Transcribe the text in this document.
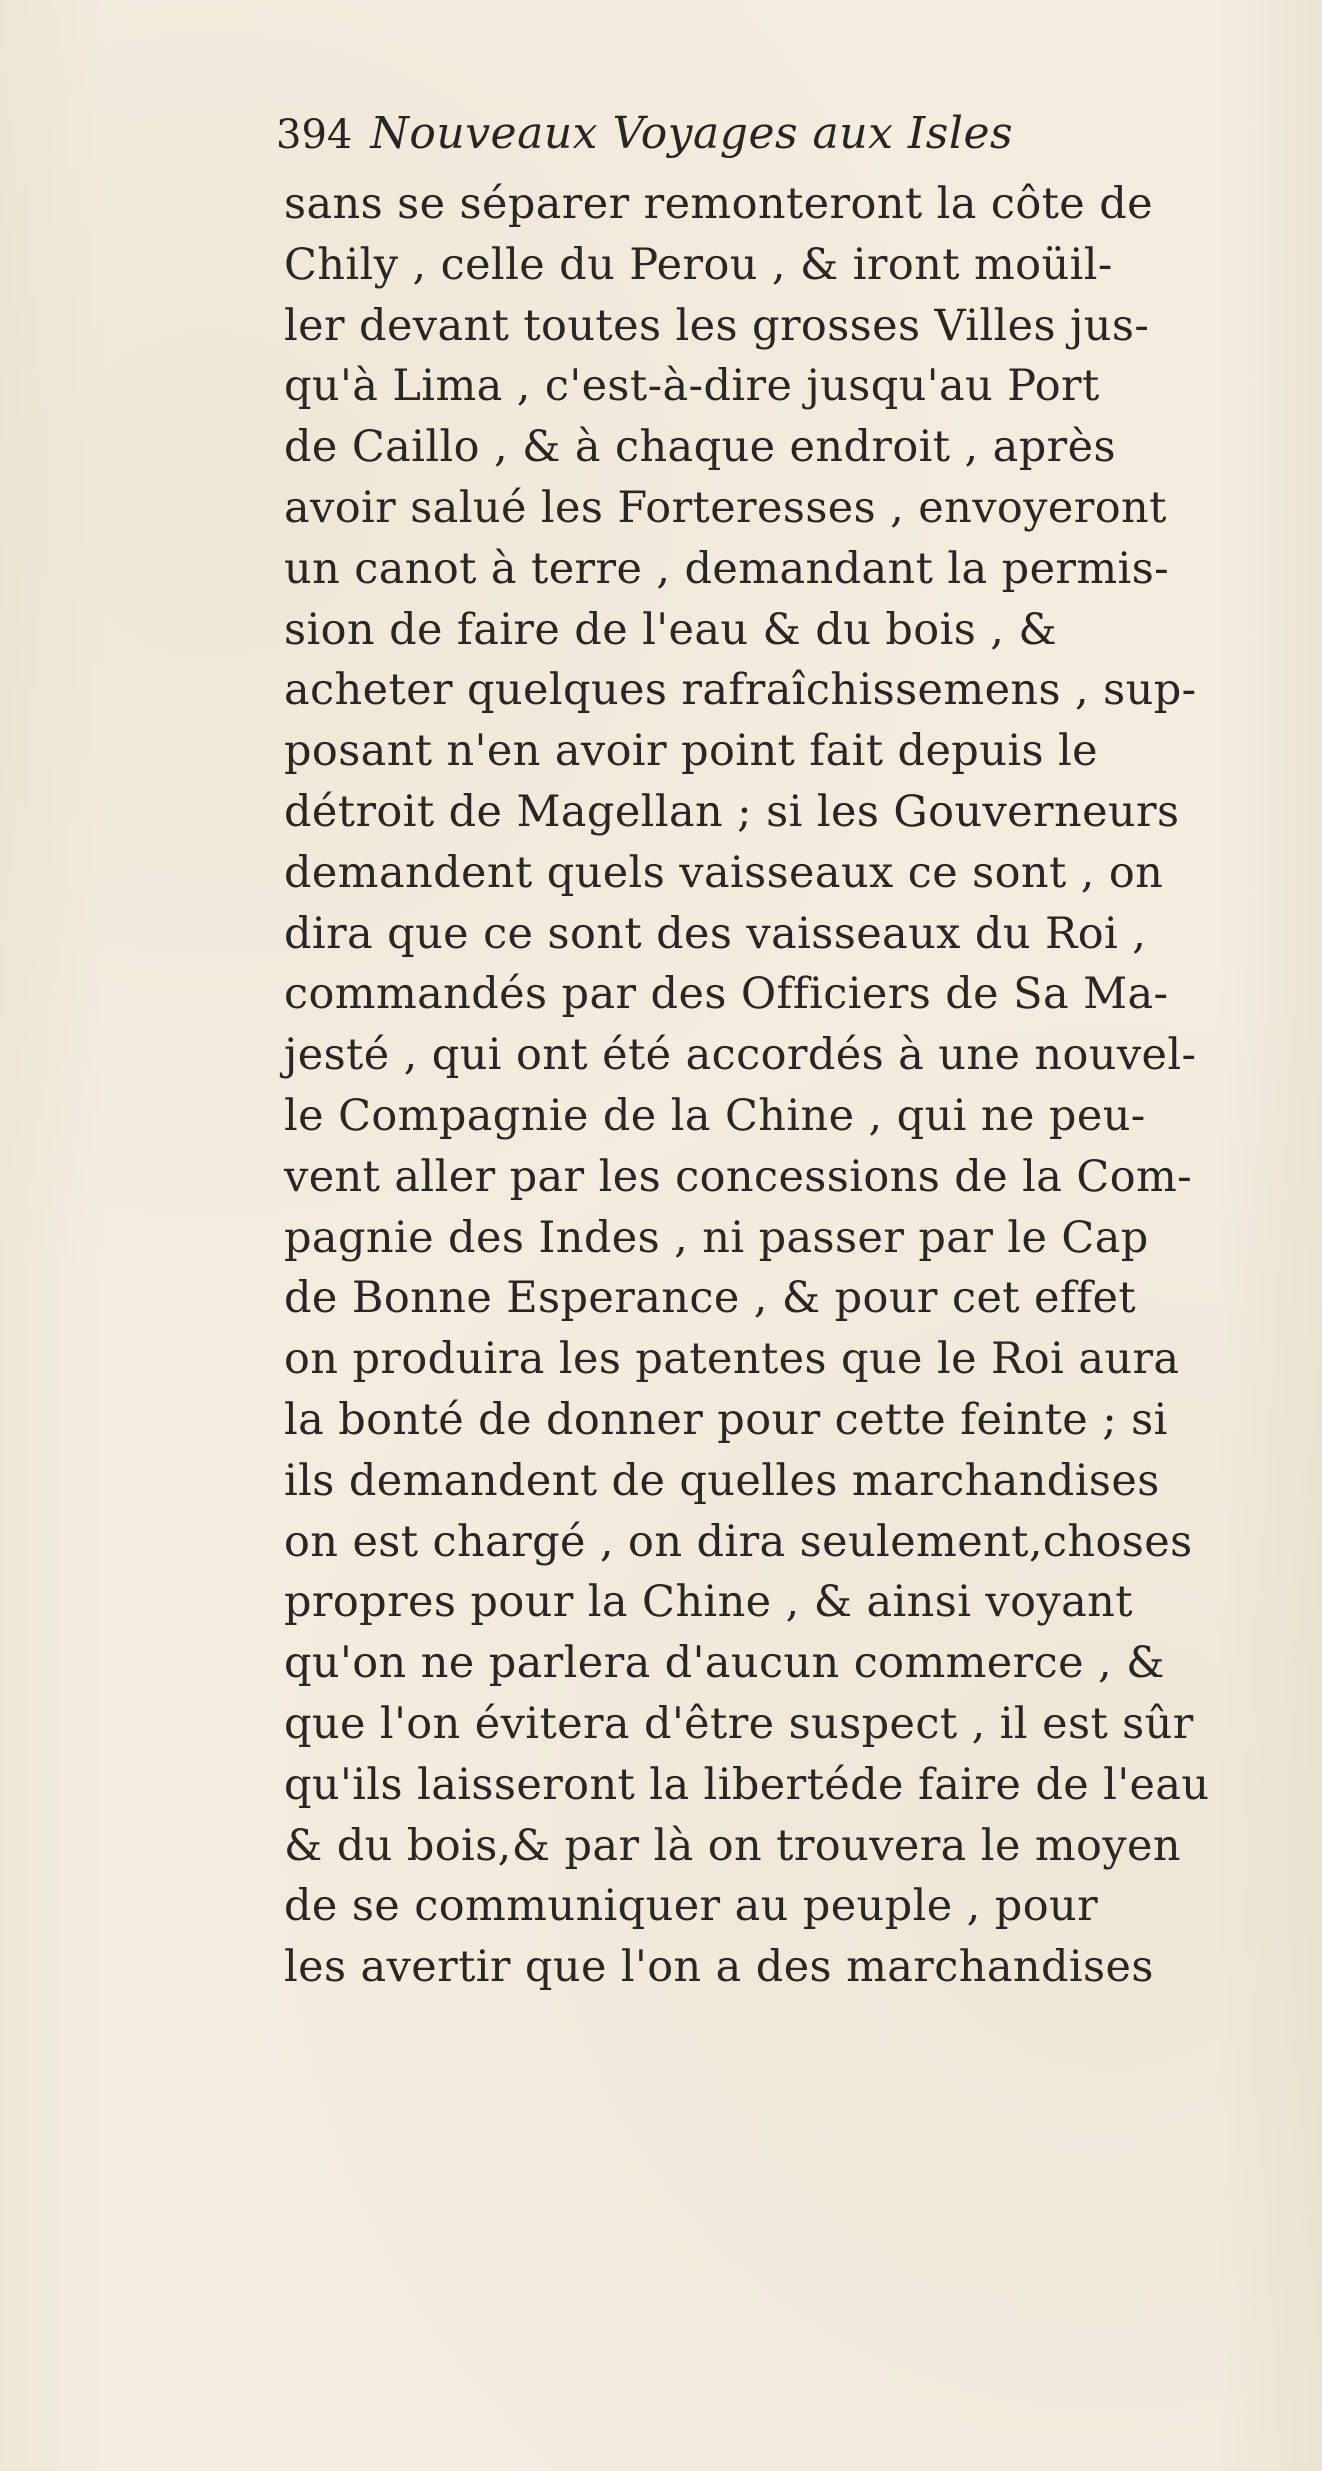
394 Nouveaux Voyages aux Isles
sans se séparer remonteront la côte de
Chily , celle du Perou , & iront moüil-
ler devant toutes les grosses Villes jus-
qu'à Lima , c'est-à-dire jusqu'au Port
de Caillo , & à chaque endroit , après
avoir salué les Forteresses , envoyeront
un canot à terre , demandant la permis-
sion de faire de l'eau & du bois , &
acheter quelques rafraîchissemens , sup-
posant n'en avoir point fait depuis le
détroit de Magellan ; si les Gouverneurs
demandent quels vaisseaux ce sont , on
dira que ce sont des vaisseaux du Roi ,
commandés par des Officiers de Sa Ma-
jesté , qui ont été accordés à une nouvel-
le Compagnie de la Chine , qui ne peu-
vent aller par les concessions de la Com-
pagnie des Indes , ni passer par le Cap
de Bonne Esperance , & pour cet effet
on produira les patentes que le Roi aura
la bonté de donner pour cette feinte ; si
ils demandent de quelles marchandises
on est chargé , on dira seulement,choses
propres pour la Chine , & ainsi voyant
qu'on ne parlera d'aucun commerce , &
que l'on évitera d'être suspect , il est sûr
qu'ils laisseront la libertéde faire de l'eau
& du bois,& par là on trouvera le moyen
de se communiquer au peuple , pour
les avertir que l'on a des marchandises
